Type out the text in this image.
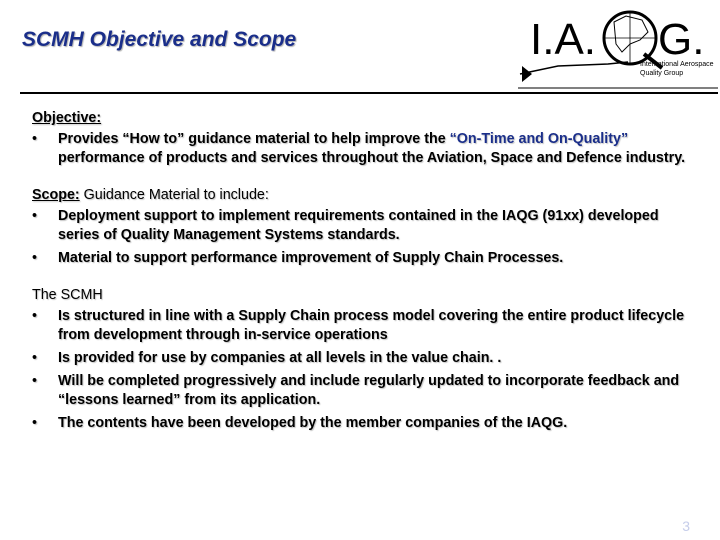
SCMH Objective and Scope	I.A. G.
International Aerospace
Quality Group

Objective:

• Provides “How to” guidance material to help improve the “On-Time and On-Quality” performance of products and services throughout the Aviation, Space and Defence industry.

Scope: Guidance Material to include:

• Deployment support to implement requirements contained in the IAQG (91xx) developed series of Quality Management Systems standards.
• Material to support performance improvement of Supply Chain Processes.

The SCMH

• Is structured in line with a Supply Chain process model covering the entire product lifecycle from development through in-service operations
• Is provided for use by companies at all levels in the value chain. .
• Will be completed progressively and include regularly updated to incorporate feedback and “lessons learned” from its application.
• The contents have been developed by the member companies of the IAQG.
3
